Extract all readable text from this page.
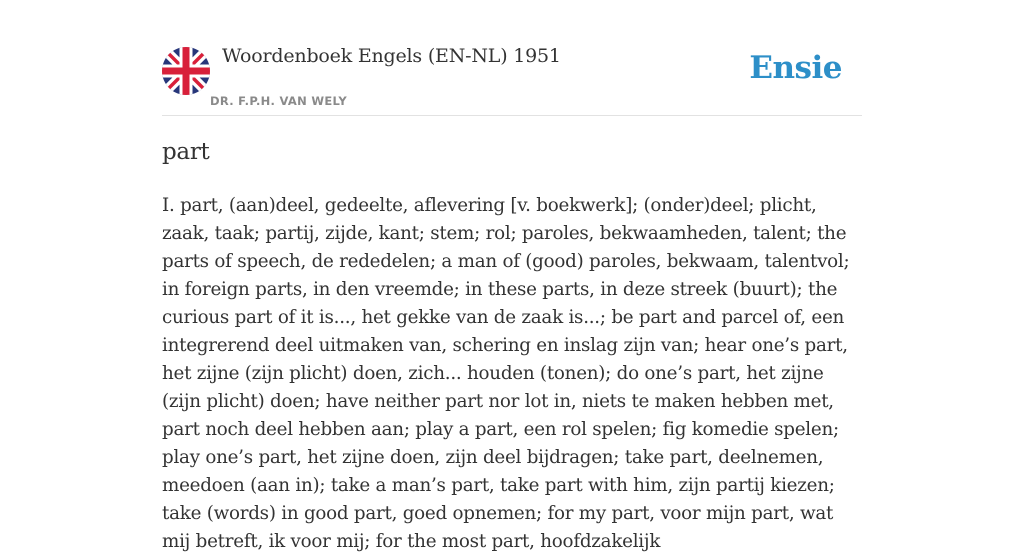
Woordenboek Engels (EN-NL) 1951
DR. F.P.H. VAN WELY
Ensie
part

I. part, (aan)deel, gedeelte, aflevering [v. boekwerk]; (onder)deel; plicht, zaak, taak; partij, zijde, kant; stem; rol; paroles, bekwaamheden, talent; the parts of speech, de rededelen; a man of (good) paroles, bekwaam, talentvol; in foreign parts, in den vreemde; in these parts, in deze streek (buurt); the curious part of it is..., het gekke van de zaak is...; be part and parcel of, een integrerend deel uitmaken van, schering en inslag zijn van; hear one’s part, het zijne (zijn plicht) doen, zich... houden (tonen); do one’s part, het zijne (zijn plicht) doen; have neither part nor lot in, niets te maken hebben met, part noch deel hebben aan; play a part, een rol spelen; fig komedie spelen; play one’s part, het zijne doen, zijn deel bijdragen; take part, deelnemen, meedoen (aan in); take a man’s part, take part with him, zijn partij kiezen; take (words) in good part, goed opnemen; for my part, voor mijn part, wat mij betreft, ik voor mij; for the most part, hoofdzakelijk
